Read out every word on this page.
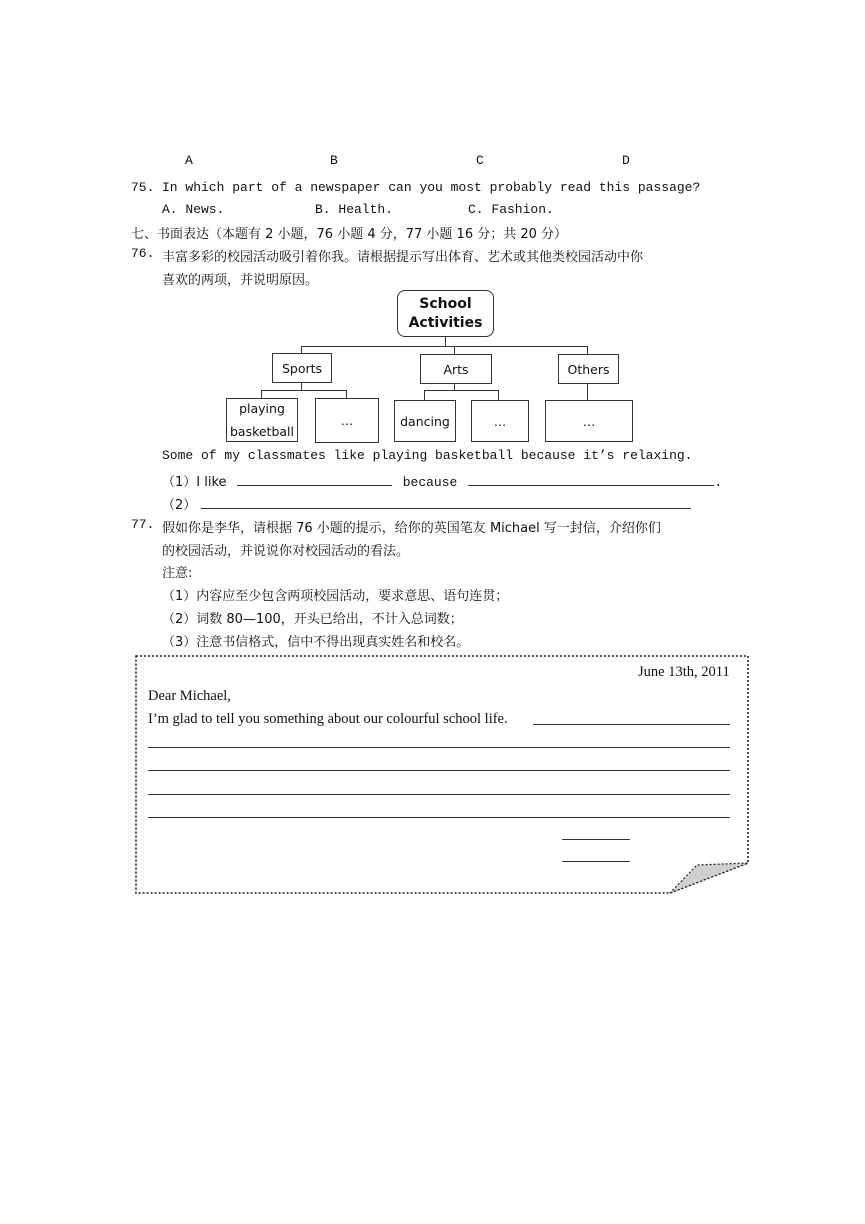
A	B	C	D
75. In which part of a newspaper can you most probably read this passage?
A. News.	B. Health.	C. Fashion.
七、书面表达（本题有 2 小题，76 小题 4 分，77 小题 16 分；共 20 分）
76. 丰富多彩的校园活动吸引着你我。请根据提示写出体育、艺术或其他类校园活动中你
喜欢的两项，并说明原因。
School
Activities
Sports	Arts	Others
playing
basketball
…	dancing	…	…
Some of my classmates like playing basketball because it’s relaxing.
（1）I like	because	.
（2）
77. 假如你是李华，请根据 76 小题的提示，给你的英国笔友 Michael 写一封信，介绍你们
的校园活动，并说说你对校园活动的看法。
注意:
（1）内容应至少包含两项校园活动，要求意思、语句连贯；
（2）词数 80—100，开头已给出，不计入总词数；
（3）注意书信格式，信中不得出现真实姓名和校名。
June 13th, 2011
Dear Michael,
I’m glad to tell you something about our colourful school life.
